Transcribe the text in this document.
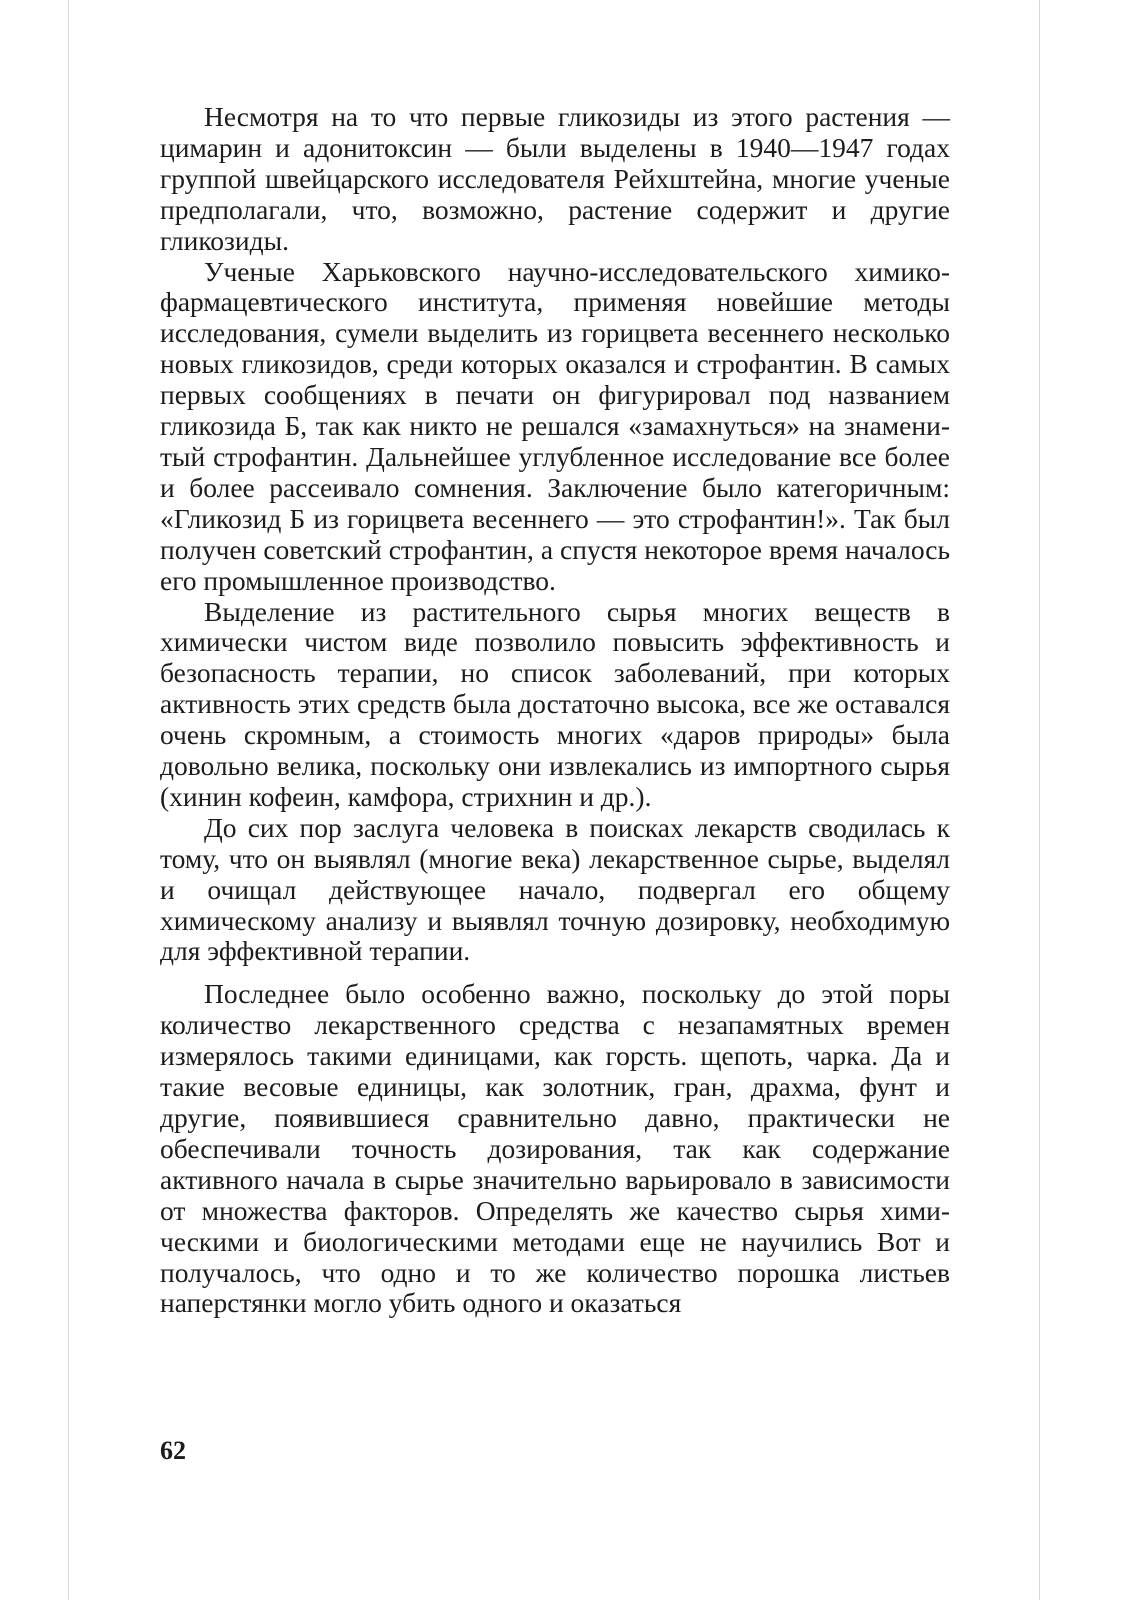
Несмотря на то что первые гликозиды из этого растения — цимарин и адонитоксин — были выделены в 1940—1947 годах группой швейцарского исследователя Рейхштейна, многие ученые предполагали, что, возможно, растение содержит и другие гликозиды.

Ученые Харьковского научно-исследовательского химико-фармацевтического института, применяя новейшие методы исследования, сумели выделить из горицвета весеннего несколько новых гликозидов, среди которых оказался и строфантин. В самых первых сообщениях в печати он фигурировал под названием гликозида Б, так как никто не решался «замахнуться» на знаменитый строфантин. Дальнейшее углубленное исследование все более и более рассеивало сомнения. Заключение было категоричным: «Гликозид Б из горицвета весеннего — это строфантин!». Так был получен советский строфантин, а спустя некоторое время началось его промышленное производство.

Выделение из растительного сырья многих веществ в химически чистом виде позволило повысить эффективность и безопасность терапии, но список заболеваний, при которых активность этих средств была достаточно высока, все же оставался очень скромным, а стоимость многих «даров природы» была довольно велика, поскольку они извлекались из импортного сырья (хинин кофеин, камфора, стрихнин и др.).

До сих пор заслуга человека в поисках лекарств сводилась к тому, что он выявлял (многие века) лекарственное сырье, выделял и очищал действующее начало, подвергал его общему химическому анализу и выявлял точную дозировку, необходимую для эффективной терапии.

Последнее было особенно важно, поскольку до этой поры количество лекарственного средства с незапамятных времен измерялось такими единицами, как горсть. щепоть, чарка. Да и такие весовые единицы, как золотник, гран, драхма, фунт и другие, появившиеся сравнительно давно, практически не обеспечивали точность дозирования, так как содержание активного начала в сырье значительно варьировало в зависимости от множества факторов. Определять же качество сырья химическими и биологическими методами еще не научились Вот и получалось, что одно и то же количество порошка листьев наперстянки могло убить одного и оказаться

62
